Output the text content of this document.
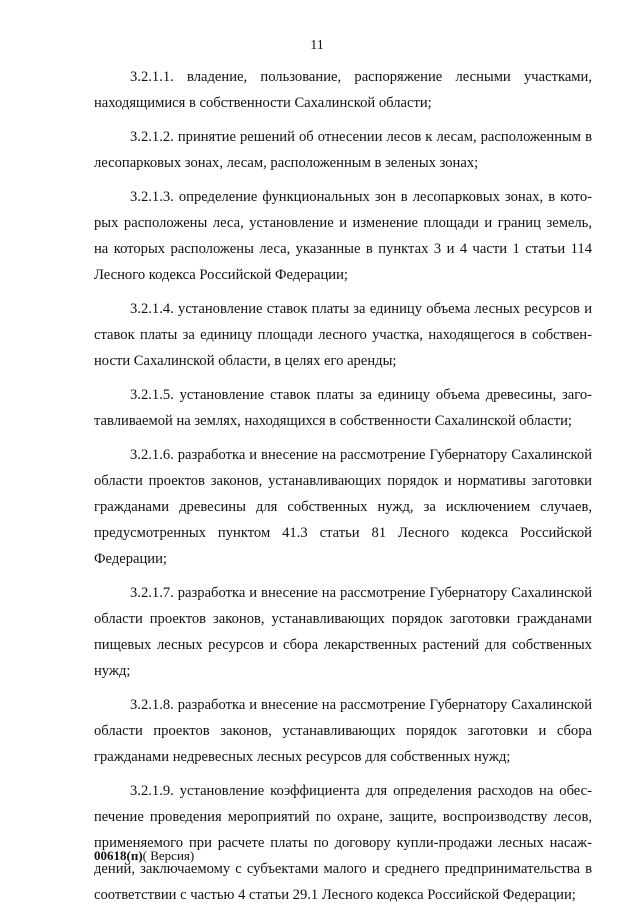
11

3.2.1.1. владение, пользование, распоряжение лесными участками, находящимися в собственности Сахалинской области;

3.2.1.2. принятие решений об отнесении лесов к лесам, расположенным в лесопарковых зонах, лесам, расположенным в зеленых зонах;

3.2.1.3. определение функциональных зон в лесопарковых зонах, в которых расположены леса, установление и изменение площади и границ земель, на которых расположены леса, указанные в пунктах 3 и 4 части 1 статьи 114 Лесного кодекса Российской Федерации;

3.2.1.4. установление ставок платы за единицу объема лесных ресурсов и ставок платы за единицу площади лесного участка, находящегося в собственности Сахалинской области, в целях его аренды;

3.2.1.5. установление ставок платы за единицу объема древесины, заготавливаемой на землях, находящихся в собственности Сахалинской области;

3.2.1.6. разработка и внесение на рассмотрение Губернатору Сахалинской области проектов законов, устанавливающих порядок и нормативы заготовки гражданами древесины для собственных нужд, за исключением случаев, предусмотренных пунктом 41.3 статьи 81 Лесного кодекса Российской Федерации;

3.2.1.7. разработка и внесение на рассмотрение Губернатору Сахалинской области проектов законов, устанавливающих порядок заготовки гражданами пищевых лесных ресурсов и сбора лекарственных растений для собственных нужд;

3.2.1.8. разработка и внесение на рассмотрение Губернатору Сахалинской области проектов законов, устанавливающих порядок заготовки и сбора гражданами недревесных лесных ресурсов для собственных нужд;

3.2.1.9. установление коэффициента для определения расходов на обеспечение проведения мероприятий по охране, защите, воспроизводству лесов, применяемого при расчете платы по договору купли-продажи лесных насаждений, заключаемому с субъектами малого и среднего предпринимательства в соответствии с частью 4 статьи 29.1 Лесного кодекса Российской Федерации;

00618(п)( Версия)
